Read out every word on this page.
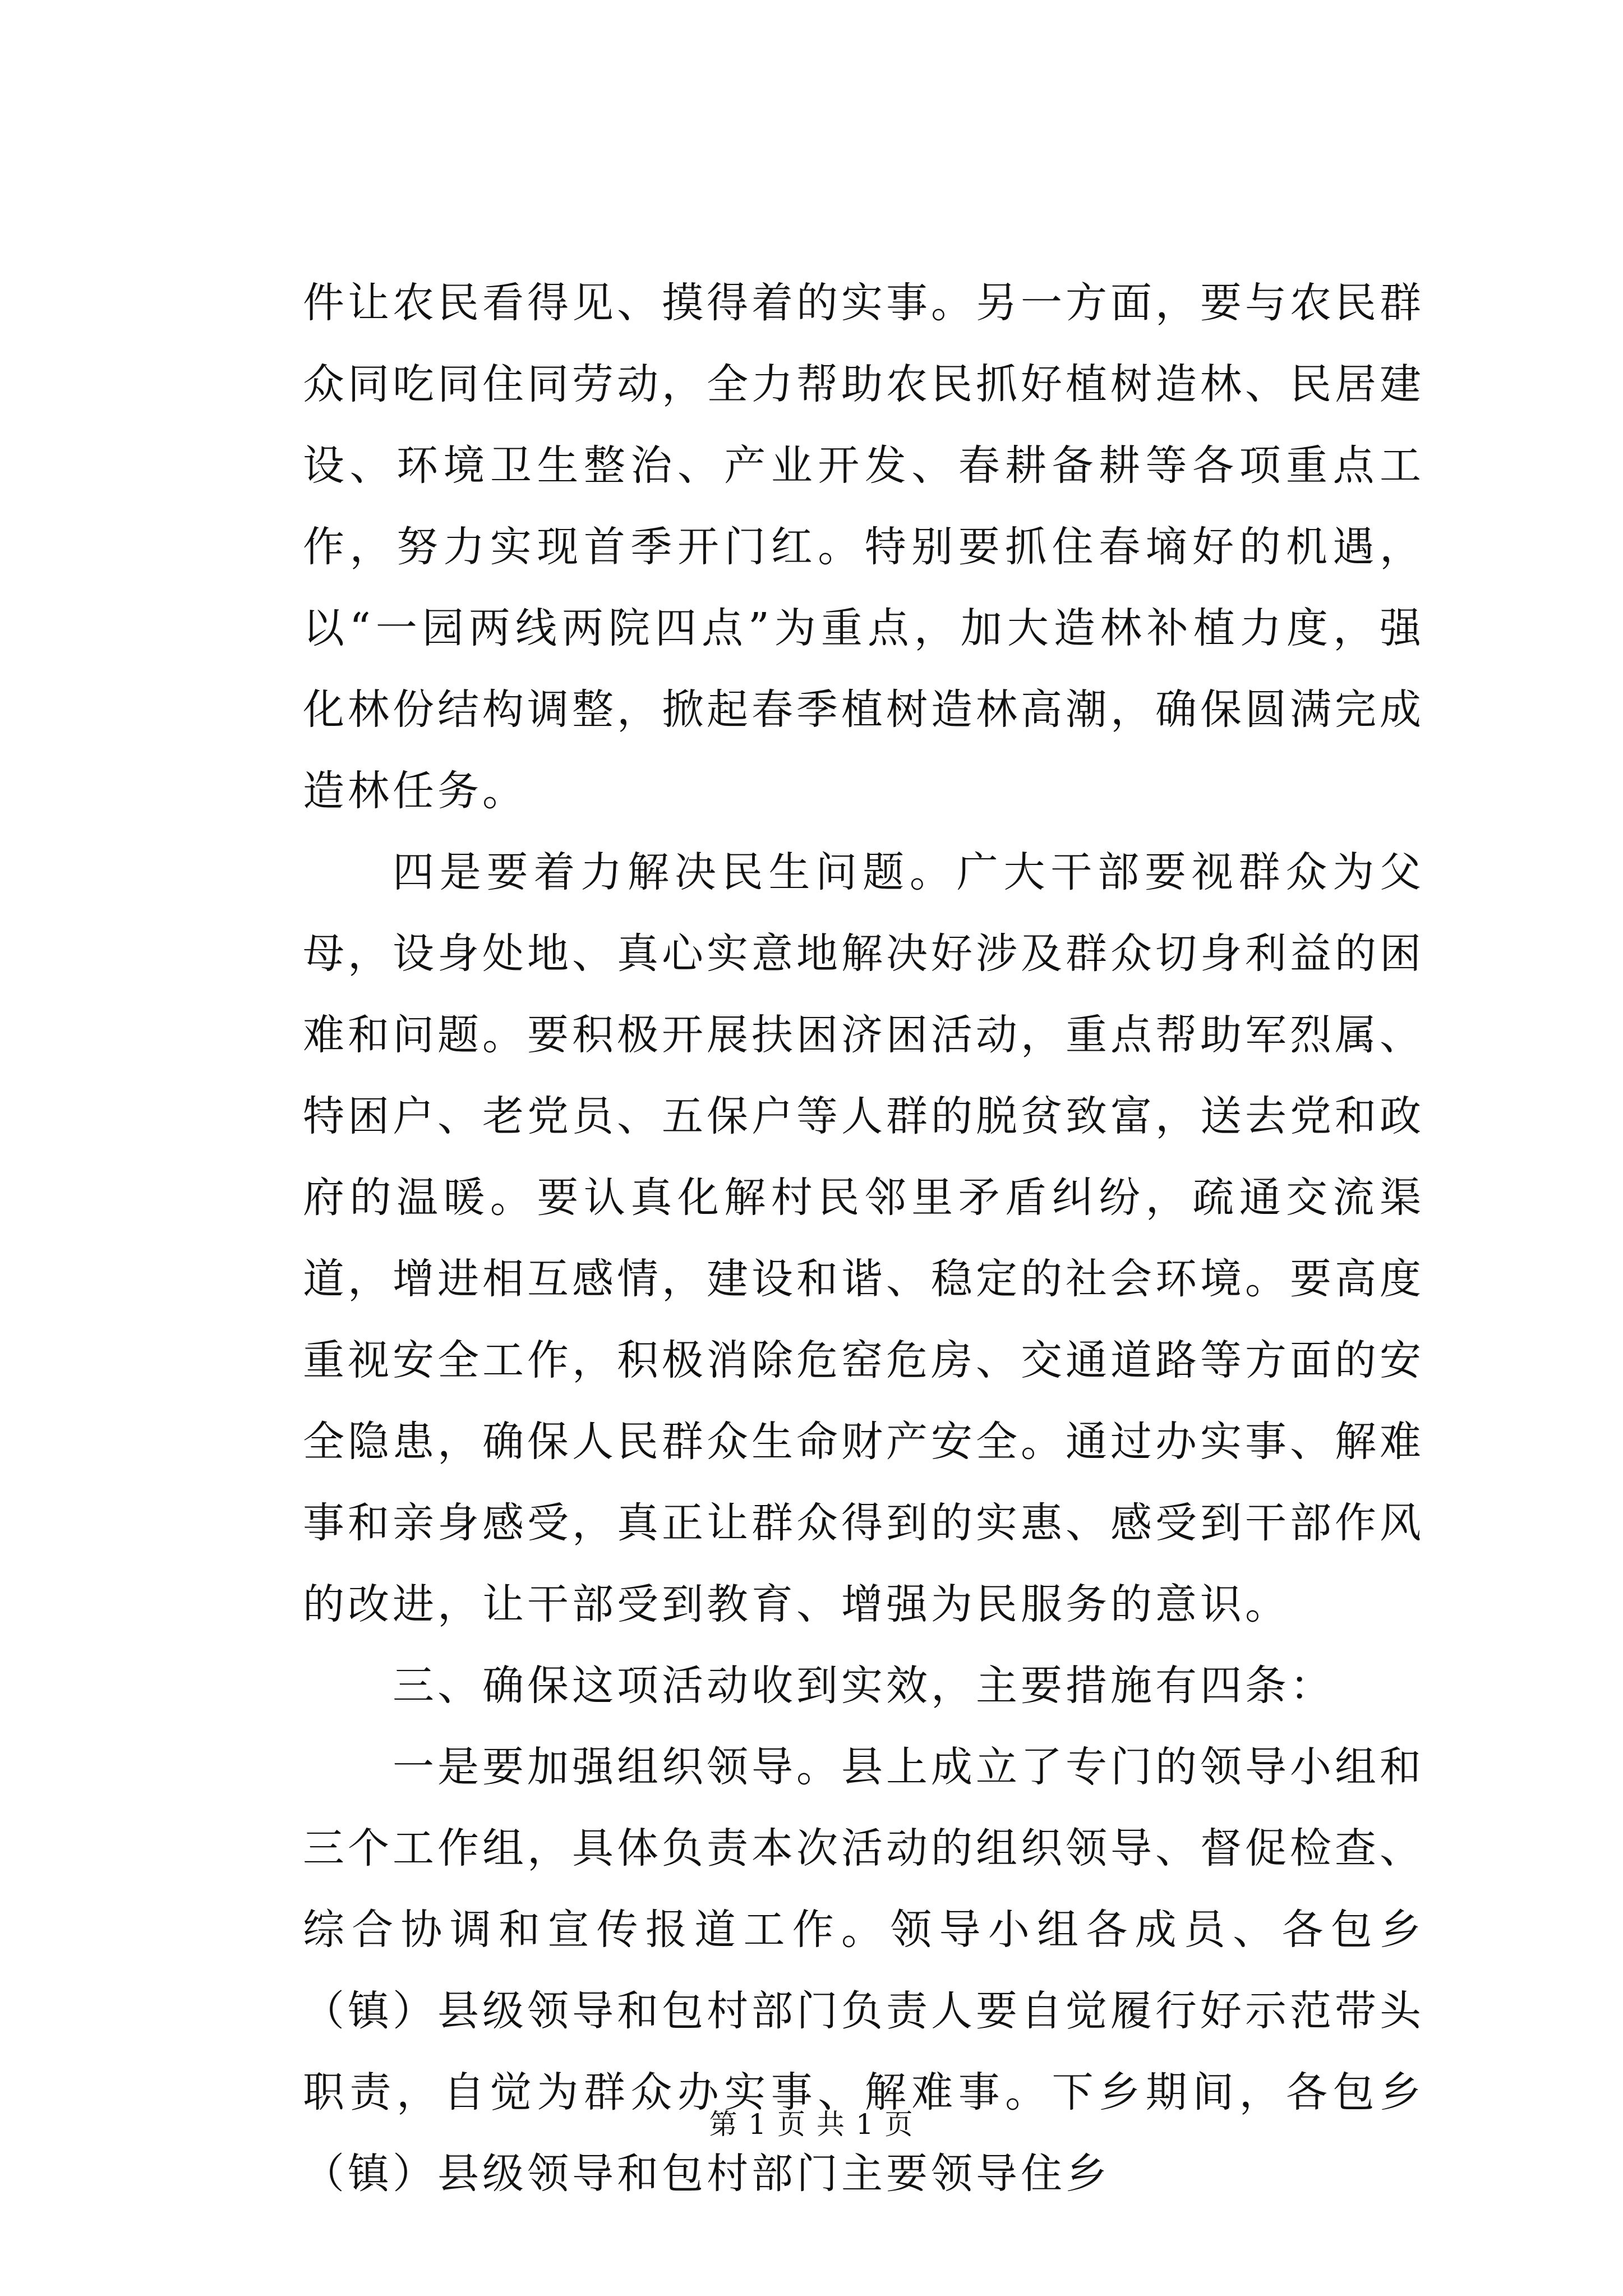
件让农民看得见、摸得着的实事。另一方面，要与农民群众同吃同住同劳动，全力帮助农民抓好植树造林、民居建设、环境卫生整治、产业开发、春耕备耕等各项重点工作，努力实现首季开门红。特别要抓住春墒好的机遇，以“一园两线两院四点”为重点，加大造林补植力度，强化林份结构调整，掀起春季植树造林高潮，确保圆满完成造林任务。

四是要着力解决民生问题。广大干部要视群众为父母，设身处地、真心实意地解决好涉及群众切身利益的困难和问题。要积极开展扶困济困活动，重点帮助军烈属、特困户、老党员、五保户等人群的脱贫致富，送去党和政府的温暖。要认真化解村民邻里矛盾纠纷，疏通交流渠道，增进相互感情，建设和谐、稳定的社会环境。要高度重视安全工作，积极消除危窑危房、交通道路等方面的安全隐患，确保人民群众生命财产安全。通过办实事、解难事和亲身感受，真正让群众得到的实惠、感受到干部作风的改进，让干部受到教育、增强为民服务的意识。

三、确保这项活动收到实效，主要措施有四条：

一是要加强组织领导。县上成立了专门的领导小组和三个工作组，具体负责本次活动的组织领导、督促检查、综合协调和宣传报道工作。领导小组各成员、各包乡（镇）县级领导和包村部门负责人要自觉履行好示范带头职责，自觉为群众办实事、解难事。下乡期间，各包乡（镇）县级领导和包村部门主要领导住乡

第 1 页 共 1 页
